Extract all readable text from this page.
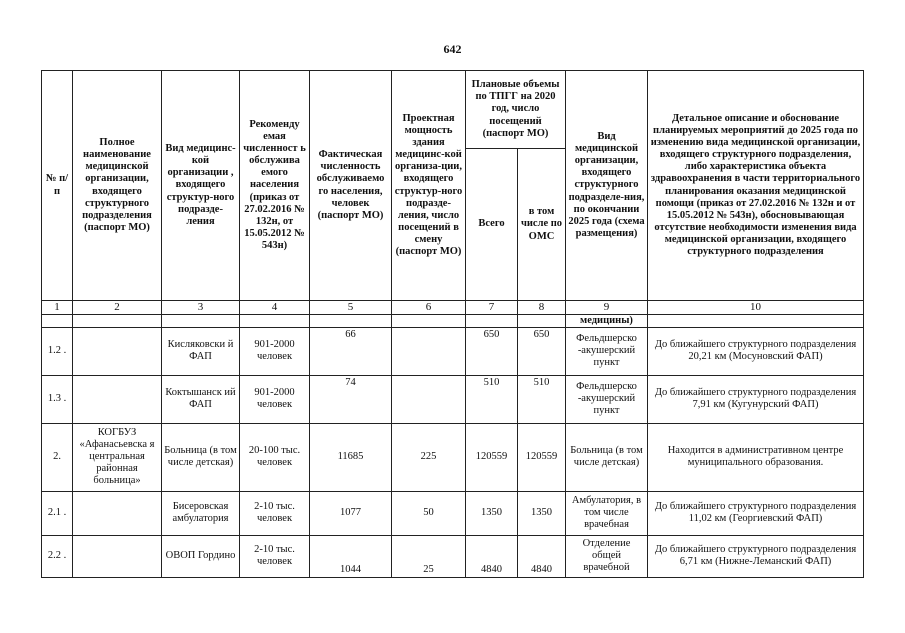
642
№ п/п	Полное наименование медицинской организации, входящего структурного подразделения (паспорт МО)	Вид медицинс-кой организации , входящего структур-ного подразде-ления	Рекоменду емая численност ь обслужива емого населения (приказ от 27.02.2016 № 132н, от 15.05.2012 № 543н)	Фактическая численность обслуживаемо го населения, человек (паспорт МО)	Проектная мощность здания медицинс-кой организа-ции, входящего структур-ного подразде-ления, число посещений в смену (паспорт МО)	Плановые объемы по ТПГГ на 2020 год, число посещений (паспорт МО)		Вид медицинской организации, входящего структурного подразделе-ния, по окончании 2025 года (схема размещения)	Детальное описание и обоснование планируемых мероприятий до 2025 года по изменению вида медицинской организации, входящего структурного подразделения, либо характеристика объекта здравоохранения в части территориального планирования оказания медицинской помощи (приказ от 27.02.2016 № 132н и от 15.05.2012 № 543н), обосновывающая отсутствие необходимости изменения вида медицинской организации, входящего структурного подразделения
						Всего	в том числе по ОМС		
1	2	3	4	5	6	7	8	9	10
								медицины)	
1.2 .		Кисляковски й ФАП	901-2000 человек	66		650	650	Фельдшерско -акушерский пункт	До ближайшего структурного подразделения 20,21 км (Мосуновский ФАП)
1.3 .		Коктышанск ий ФАП	901-2000 человек	74		510	510	Фельдшерско -акушерский пункт	До ближайшего структурного подразделения 7,91 км (Кугунурский ФАП)
2.	КОГБУЗ «Афанасьевска я центральная районная больница»	Больница (в том числе детская)	20-100 тыс. человек	11685	225	120559	120559	Больница (в том числе детская)	Находится в административном центре муниципального образования.
2.1 .		Бисеровская амбулатория	2-10 тыс. человек	1077	50	1350	1350	Амбулатория, в том числе врачебная	До ближайшего структурного подразделения 11,02 км (Георгиевский ФАП)
2.2 .		ОВОП Гордино	2-10 тыс. человек	1044	25	4840	4840	Отделение общей врачебной	До ближайшего структурного подразделения 6,71 км (Нижне-Леманский ФАП)
